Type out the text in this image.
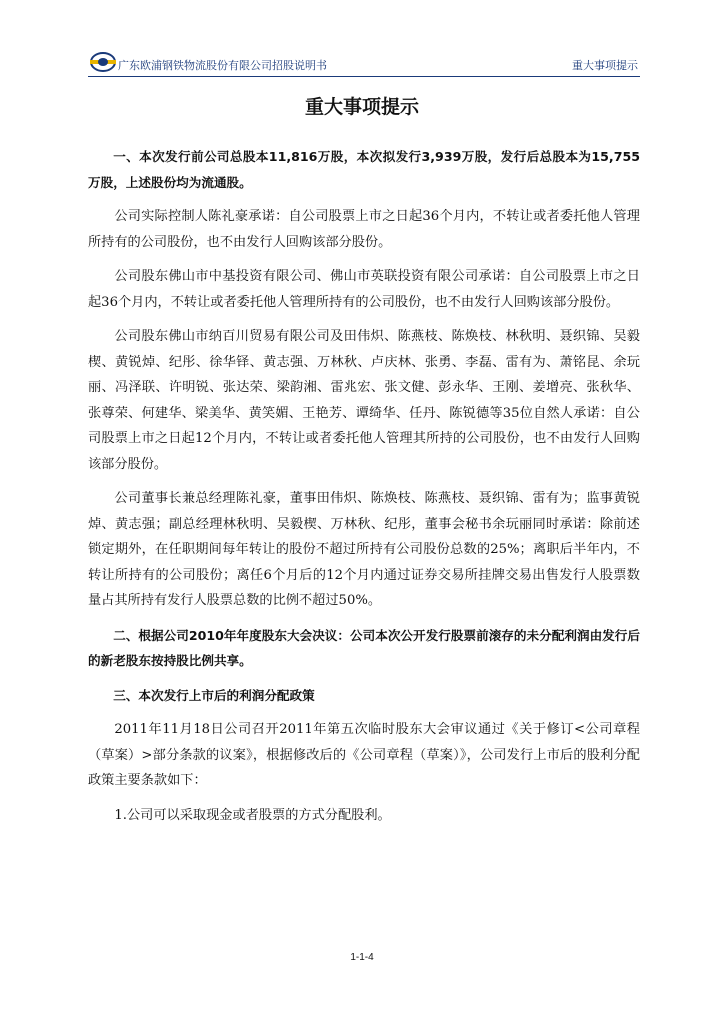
广东欧浦钢铁物流股份有限公司招股说明书	重大事项提示
重大事项提示

一、本次发行前公司总股本11,816万股，本次拟发行3,939万股，发行后总股本为15,755万股，上述股份均为流通股。

公司实际控制人陈礼豪承诺：自公司股票上市之日起36个月内，不转让或者委托他人管理所持有的公司股份，也不由发行人回购该部分股份。

公司股东佛山市中基投资有限公司、佛山市英联投资有限公司承诺：自公司股票上市之日起36个月内，不转让或者委托他人管理所持有的公司股份，也不由发行人回购该部分股份。

公司股东佛山市纳百川贸易有限公司及田伟炽、陈燕枝、陈焕枝、林秋明、聂织锦、吴毅楔、黄锐焯、纪彤、徐华铎、黄志强、万林秋、卢庆林、张勇、李磊、雷有为、萧铭昆、余玩丽、冯泽联、许明锐、张达荣、梁韵湘、雷兆宏、张文健、彭永华、王刚、姜增亮、张秋华、张尊荣、何建华、梁美华、黄笑媚、王艳芳、谭绮华、任丹、陈锐德等35位自然人承诺：自公司股票上市之日起12个月内，不转让或者委托他人管理其所持的公司股份，也不由发行人回购该部分股份。

公司董事长兼总经理陈礼豪，董事田伟炽、陈焕枝、陈燕枝、聂织锦、雷有为；监事黄锐焯、黄志强；副总经理林秋明、吴毅楔、万林秋、纪彤，董事会秘书余玩丽同时承诺：除前述锁定期外，在任职期间每年转让的股份不超过所持有公司股份总数的25%；离职后半年内，不转让所持有的公司股份；离任6个月后的12个月内通过证券交易所挂牌交易出售发行人股票数量占其所持有发行人股票总数的比例不超过50%。

二、根据公司2010年年度股东大会决议：公司本次公开发行股票前滚存的未分配利润由发行后的新老股东按持股比例共享。

三、本次发行上市后的利润分配政策

2011年11月18日公司召开2011年第五次临时股东大会审议通过《关于修订<公司章程（草案）>部分条款的议案》，根据修改后的《公司章程（草案）》，公司发行上市后的股利分配政策主要条款如下：

1.公司可以采取现金或者股票的方式分配股利。

1-1-4
